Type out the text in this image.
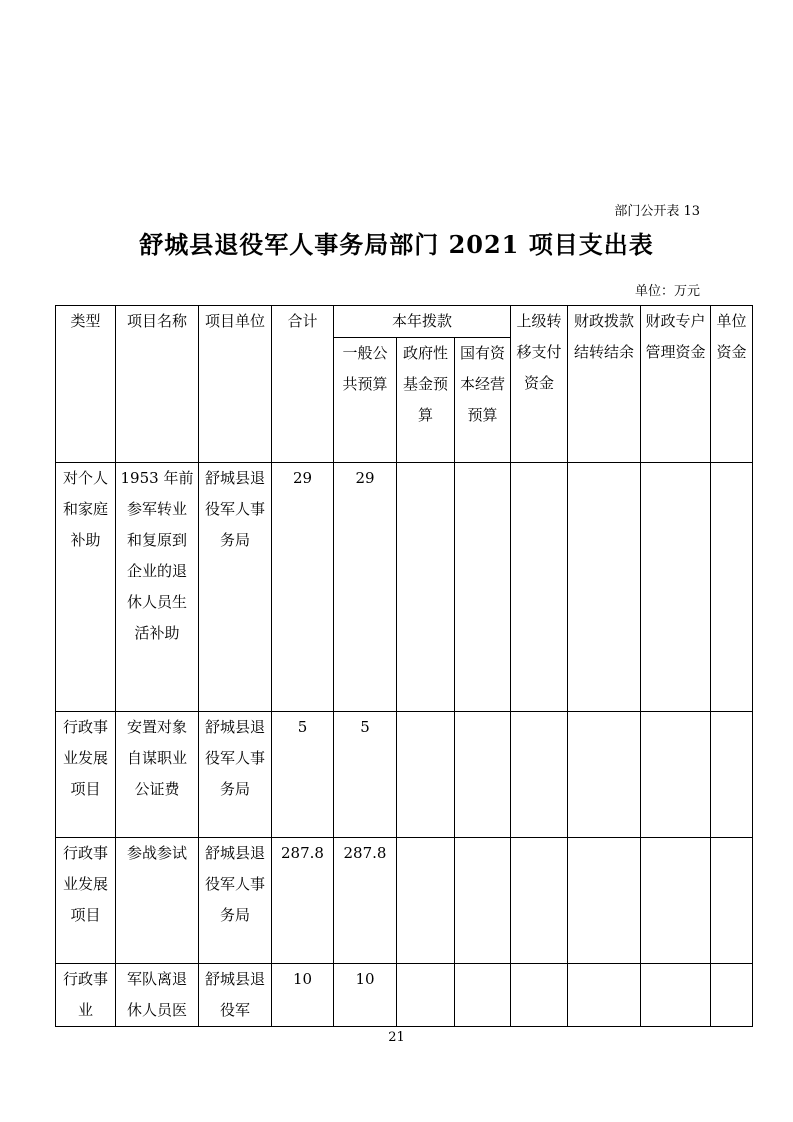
部门公开表 13
舒城县退役军人事务局部门 2021 项目支出表
单位：万元
类型	项目名称	项目单位	合计	本年拨款			上级转移支付资金	财政拨款结转结余	财政专户管理资金	单位资金
				一般公共预算	政府性基金预算	国有资本经营预算				
对个人和家庭补助	1953 年前参军转业和复原到企业的退休人员生活补助	舒城县退役军人事务局	29	29						
行政事业发展项目	安置对象自谋职业公证费	舒城县退役军人事务局	5	5						
行政事业发展项目	参战参试	舒城县退役军人事务局	287.8	287.8						
行政事业	军队离退休人员医	舒城县退役军	10	10						
21
